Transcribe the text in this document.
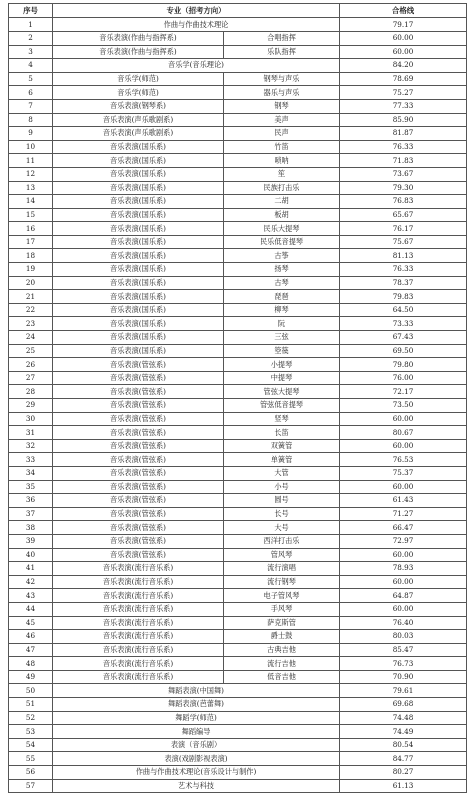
序号	专业（招考方向）		合格线
1	作曲与作曲技术理论		79.17
2	音乐表演(作曲与指挥系)	合唱指挥	60.00
3	音乐表演(作曲与指挥系)	乐队指挥	60.00
4	音乐学(音乐理论)		84.20
5	音乐学(师范)	钢琴与声乐	78.69
6	音乐学(师范)	器乐与声乐	75.27
7	音乐表演(钢琴系)	钢琴	77.33
8	音乐表演(声乐歌剧系)	美声	85.90
9	音乐表演(声乐歌剧系)	民声	81.87
10	音乐表演(国乐系)	竹笛	76.33
11	音乐表演(国乐系)	唢呐	71.83
12	音乐表演(国乐系)	笙	73.67
13	音乐表演(国乐系)	民族打击乐	79.30
14	音乐表演(国乐系)	二胡	76.83
15	音乐表演(国乐系)	板胡	65.67
16	音乐表演(国乐系)	民乐大提琴	76.17
17	音乐表演(国乐系)	民乐低音提琴	75.67
18	音乐表演(国乐系)	古筝	81.13
19	音乐表演(国乐系)	扬琴	76.33
20	音乐表演(国乐系)	古琴	78.37
21	音乐表演(国乐系)	琵琶	79.83
22	音乐表演(国乐系)	柳琴	64.50
23	音乐表演(国乐系)	阮	73.33
24	音乐表演(国乐系)	三弦	67.43
25	音乐表演(国乐系)	箜篌	69.50
26	音乐表演(管弦系)	小提琴	79.80
27	音乐表演(管弦系)	中提琴	76.00
28	音乐表演(管弦系)	管弦大提琴	72.17
29	音乐表演(管弦系)	管弦低音提琴	73.50
30	音乐表演(管弦系)	竖琴	60.00
31	音乐表演(管弦系)	长笛	80.67
32	音乐表演(管弦系)	双簧管	60.00
33	音乐表演(管弦系)	单簧管	76.53
34	音乐表演(管弦系)	大管	75.37
35	音乐表演(管弦系)	小号	60.00
36	音乐表演(管弦系)	圆号	61.43
37	音乐表演(管弦系)	长号	71.27
38	音乐表演(管弦系)	大号	66.47
39	音乐表演(管弦系)	西洋打击乐	72.97
40	音乐表演(管弦系)	管风琴	60.00
41	音乐表演(流行音乐系)	流行演唱	78.93
42	音乐表演(流行音乐系)	流行钢琴	60.00
43	音乐表演(流行音乐系)	电子管风琴	64.87
44	音乐表演(流行音乐系)	手风琴	60.00
45	音乐表演(流行音乐系)	萨克斯管	76.40
46	音乐表演(流行音乐系)	爵士鼓	80.03
47	音乐表演(流行音乐系)	古典吉他	85.47
48	音乐表演(流行音乐系)	流行吉他	76.73
49	音乐表演(流行音乐系)	低音吉他	70.90
50	舞蹈表演(中国舞)		79.61
51	舞蹈表演(芭蕾舞)		69.68
52	舞蹈学(师范)		74.48
53	舞蹈编导		74.49
54	表演（音乐剧）		80.54
55	表演(戏剧影视表演)		84.77
56	作曲与作曲技术理论(音乐设计与制作)		80.27
57	艺术与科技		61.13
